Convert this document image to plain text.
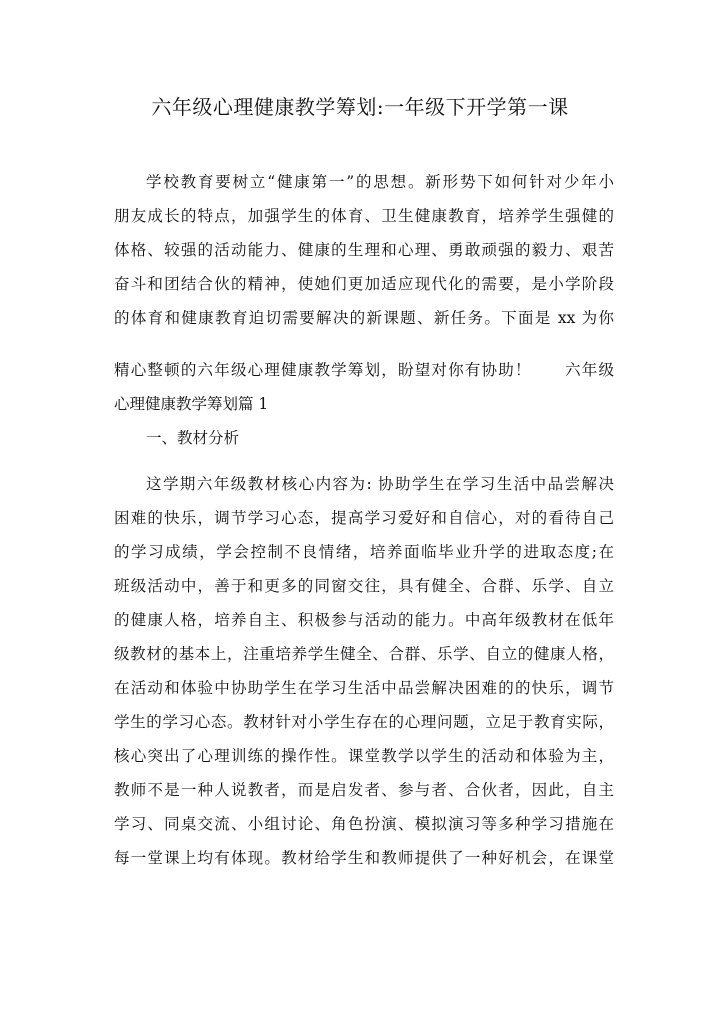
六年级心理健康教学筹划:一年级下开学第一课
学校教育要树立“健康第一”的思想。新形势下如何针对少年小
朋友成长的特点，加强学生的体育、卫生健康教育，培养学生强健的
体格、较强的活动能力、健康的生理和心理、勇敢顽强的毅力、艰苦
奋斗和团结合伙的精神，使她们更加适应现代化的需要，是小学阶段
的体育和健康教育迫切需要解决的新课题、新任务。下面是 xx 为你
精心整顿的六年级心理健康教学筹划，盼望对你有协助！　　六年级
心理健康教学筹划篇 1
一、教材分析
这学期六年级教材核心内容为: 协助学生在学习生活中品尝解决
困难的快乐，调节学习心态，提高学习爱好和自信心，对的看待自己
的学习成绩，学会控制不良情绪，培养面临毕业升学的进取态度;在
班级活动中，善于和更多的同窗交往，具有健全、合群、乐学、自立
的健康人格，培养自主、积极参与活动的能力。中高年级教材在低年
级教材的基本上，注重培养学生健全、合群、乐学、自立的健康人格，
在活动和体验中协助学生在学习生活中品尝解决困难的的快乐，调节
学生的学习心态。教材针对小学生存在的心理问题，立足于教育实际，
核心突出了心理训练的操作性。课堂教学以学生的活动和体验为主，
教师不是一种人说教者，而是启发者、参与者、合伙者，因此，自主
学习、同桌交流、小组讨论、角色扮演、模拟演习等多种学习措施在
每一堂课上均有体现。教材给学生和教师提供了一种好机会，在课堂
